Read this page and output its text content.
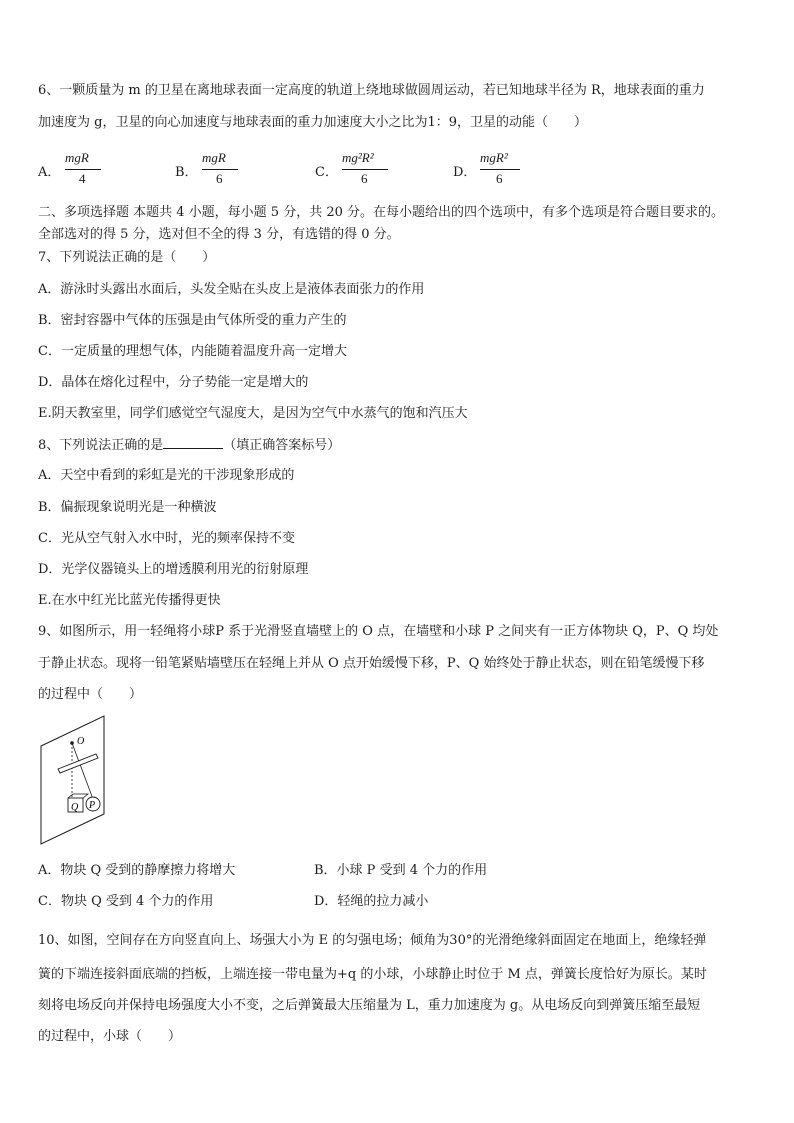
6、一颗质量为 m 的卫星在离地球表面一定高度的轨道上绕地球做圆周运动，若已知地球半径为 R，地球表面的重力
加速度为 g，卫星的向心加速度与地球表面的重力加速度大小之比为1：9，卫星的动能（　　）
A．
mgR
4	B．
mgR
6	C．
mg²R²
6	D．
mgR²
6
二、多项选择题 本题共 4 小题，每小题 5 分，共 20 分。在每小题给出的四个选项中，有多个选项是符合题目要求的。
全部选对的得 5 分，选对但不全的得 3 分，有选错的得 0 分。
7、下列说法正确的是（　　）
A．游泳时头露出水面后，头发全贴在头皮上是液体表面张力的作用
B．密封容器中气体的压强是由气体所受的重力产生的
C．一定质量的理想气体，内能随着温度升高一定增大
D．晶体在熔化过程中，分子势能一定是增大的
E.阴天教室里，同学们感觉空气湿度大，是因为空气中水蒸气的饱和汽压大
8、下列说法正确的是	（填正确答案标号）
A．天空中看到的彩虹是光的干涉现象形成的
B．偏振现象说明光是一种横波
C．光从空气射入水中时，光的频率保持不变
D．光学仪器镜头上的增透膜利用光的衍射原理
E.在水中红光比蓝光传播得更快
9、如图所示，用一轻绳将小球P 系于光滑竖直墙壁上的 O 点，在墙壁和小球 P 之间夹有一正方体物块 Q，P、Q 均处
于静止状态。现将一铅笔紧贴墙壁压在轻绳上并从 O 点开始缓慢下移，P、Q 始终处于静止状态，则在铅笔缓慢下移
的过程中（　　）
O
Q P
A．物块 Q 受到的静摩擦力将增大	B．小球 P 受到 4 个力的作用
C．物块 Q 受到 4 个力的作用	D．轻绳的拉力减小
10、如图，空间存在方向竖直向上、场强大小为 E 的匀强电场；倾角为30°的光滑绝缘斜面固定在地面上，绝缘轻弹
簧的下端连接斜面底端的挡板，上端连接一带电量为+q 的小球，小球静止时位于 M 点，弹簧长度恰好为原长。某时
刻将电场反向并保持电场强度大小不变，之后弹簧最大压缩量为 L，重力加速度为 g。从电场反向到弹簧压缩至最短
的过程中，小球（　　）
